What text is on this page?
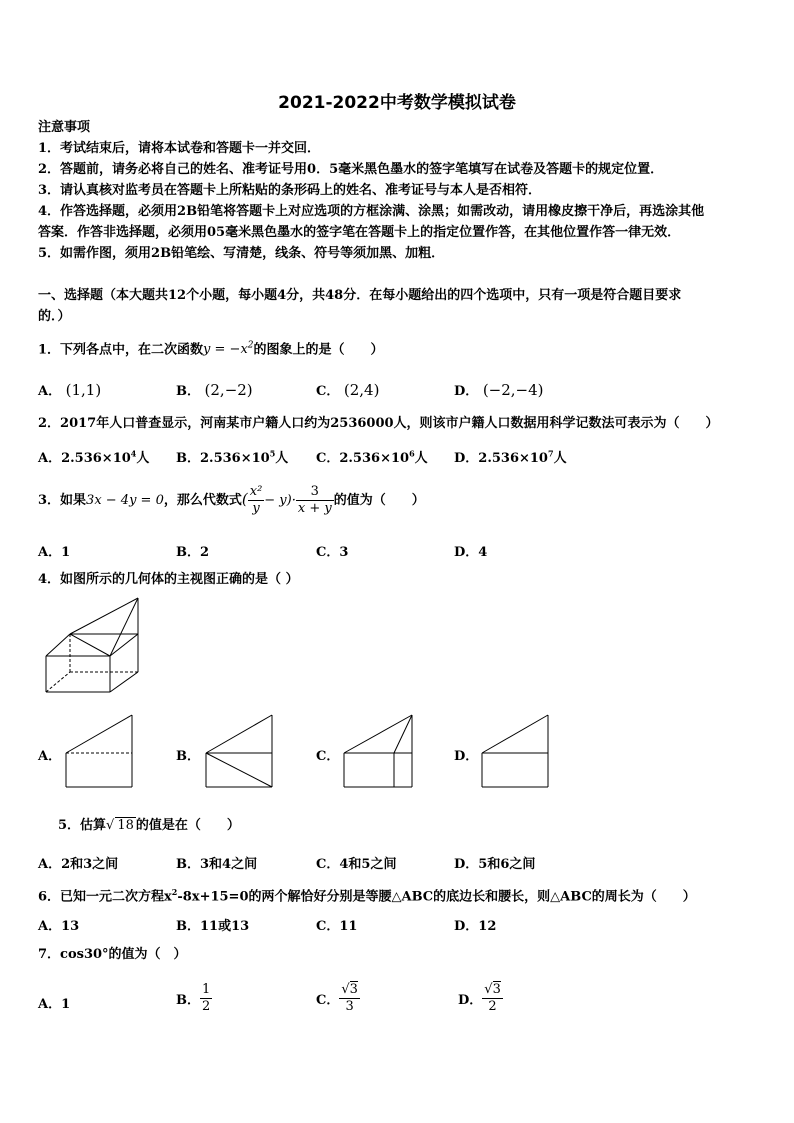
2021-2022中考数学模拟试卷
注意事项
1．考试结束后，请将本试卷和答题卡一并交回．
2．答题前，请务必将自己的姓名、准考证号用0．5毫米黑色墨水的签字笔填写在试卷及答题卡的规定位置．
3．请认真核对监考员在答题卡上所粘贴的条形码上的姓名、准考证号与本人是否相符．
4．作答选择题，必须用2B铅笔将答题卡上对应选项的方框涂满、涂黑；如需改动，请用橡皮擦干净后，再选涂其他
答案．作答非选择题，必须用05毫米黑色墨水的签字笔在答题卡上的指定位置作答，在其他位置作答一律无效．
5．如需作图，须用2B铅笔绘、写清楚，线条、符号等须加黑、加粗．
一、选择题（本大题共12个小题，每小题4分，共48分．在每小题给出的四个选项中，只有一项是符合题目要求
的．）
1．下列各点中，在二次函数$y = -x^2$的图象上的是（　　）
A． (1,1)	B． (2,−2)	C． (2,4)	D． (−2,−4)
2．2017年人口普查显示，河南某市户籍人口约为2536000人，则该市户籍人口数据用科学记数法可表示为（　　）
A．$2.536\times 10^4$人 B．$2.536\times 10^5$人 C．$2.536\times 10^6$人 D．$2.536\times 10^7$人
3．如果3x − 4y = 0，那么代数式( $\frac{\text{x²}}{y} - y)\cdot \frac{3}{x + y}$ 的值为（　　）
A．1	B．2	C．3	D．4
4．如图所示的几何体的主视图正确的是（ ）
A．	B．	C．	D．
5．估算√ 18 的值是在（　　）
A．2和3之间	B．3和4之间	C．4和5之间	D．5和6之间
6．已知一元二次方程$x^2-8x+15=0$的两个解恰好分别是等腰△ABC的底边长和腰长，则△ABC的周长为（　　）
A．13	B．11或13	C．11	D．12
7．cos30°的值为（　）
A．1	B． $\frac{1}{2}$	C． $\frac{√3}{3}$	D． $\frac{√3}{2}$
